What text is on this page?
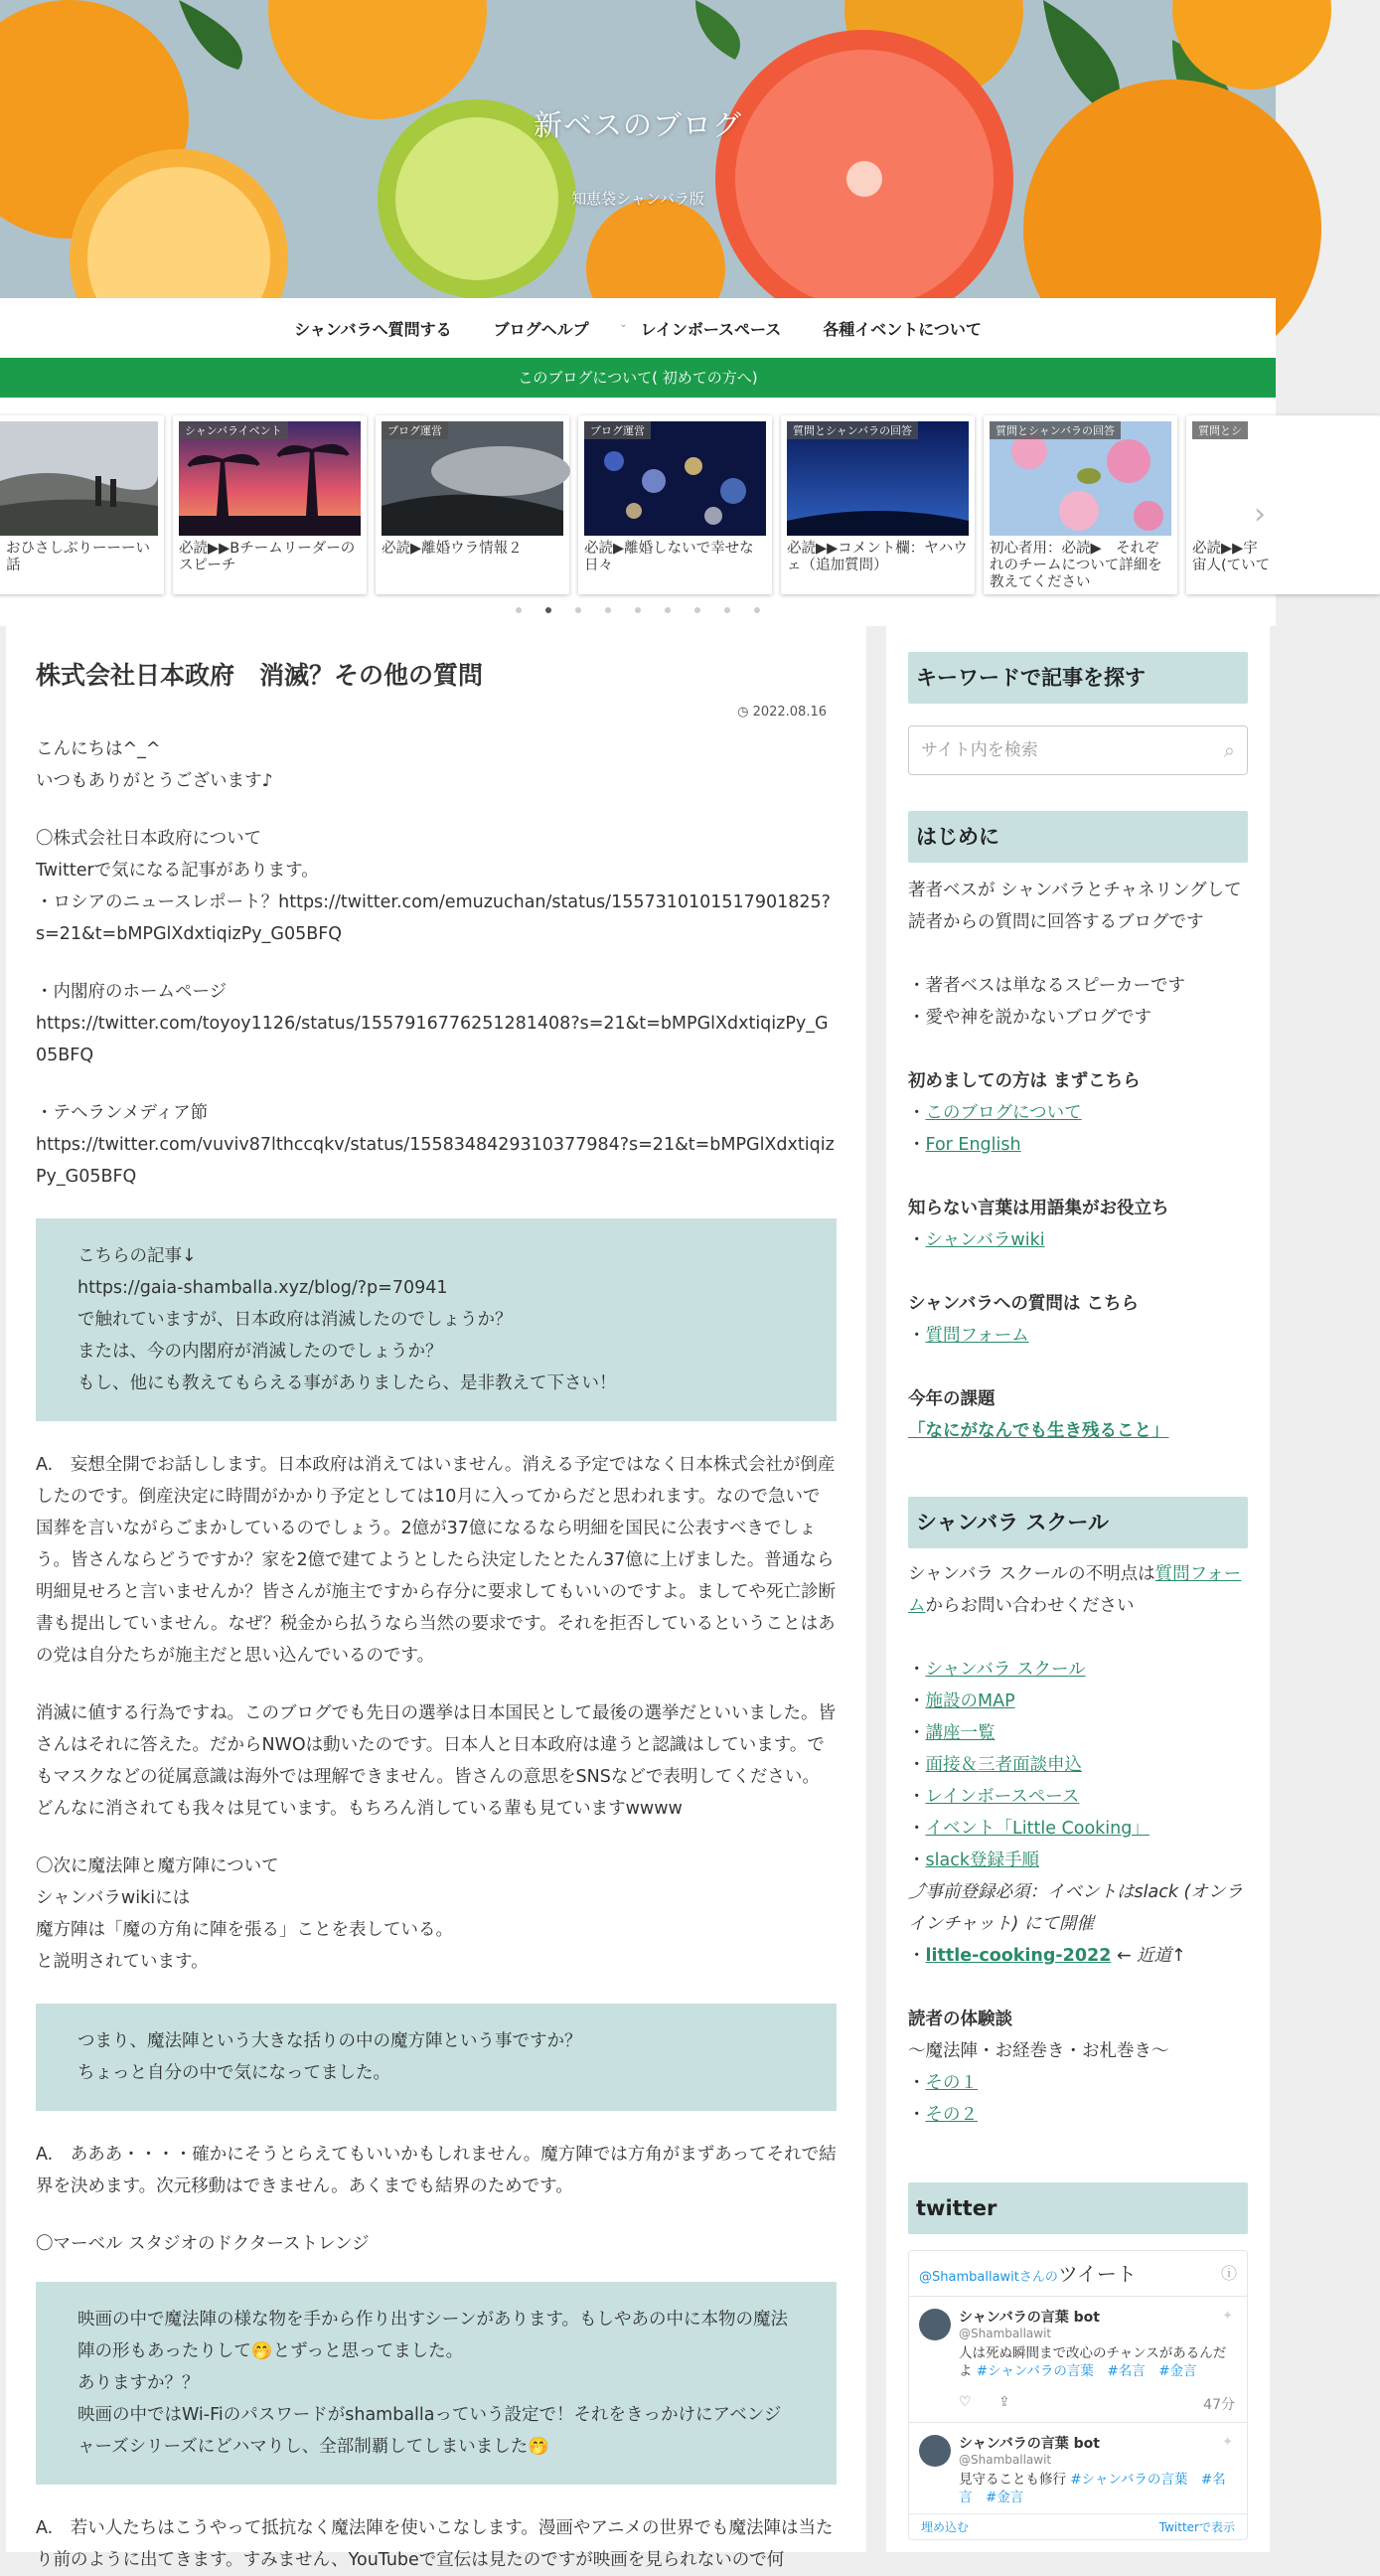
新ベスのブログ
知恵袋シャンバラ版
シャンバラへ質問する	ブログヘルプ	⌄ レインボースペース	各種イベントについて
このブログについて( 初めての方へ)
おひさしぶりーーーい話
シャンバライベント
必読▶▶Bチームリーダーのスピーチ
ブログ運営
必読▶離婚ウラ情報２
ブログ運営
必読▶離婚しないで幸せな日々
質問とシャンバラの回答
必読▶▶コメント欄：ヤハウェ（追加質問）
質問とシャンバラの回答
初心者用：必読▶　それぞれのチームについて詳細を教えてください
質問とシ
必読▶▶宇宙人(ていて
›
株式会社日本政府　消滅？その他の質問
◷ 2022.08.16

こんにちは^_^

いつもありがとうございます♪

〇株式会社日本政府について

Twitterで気になる記事があります。

・ロシアのニュースレポート？https://twitter.com/emuzuchan/status/1557310101517901825?s=21&t=bMPGlXdxtiqizPy_G05BFQ

・内閣府のホームページ

https://twitter.com/toyoy1126/status/1557916776251281408?s=21&t=bMPGlXdxtiqizPy_G05BFQ

・テヘランメディア節

https://twitter.com/vuviv87lthccqkv/status/1558348429310377984?s=21&t=bMPGlXdxtiqizPy_G05BFQ

こちらの記事↓
https://gaia-shamballa.xyz/blog/?p=70941
で触れていますが、日本政府は消滅したのでしょうか？
または、今の内閣府が消滅したのでしょうか？
もし、他にも教えてもらえる事がありましたら、是非教えて下さい！

A.　妄想全開でお話しします。日本政府は消えてはいません。消える予定ではなく日本株式会社が倒産したのです。倒産決定に時間がかかり予定としては10月に入ってからだと思われます。なので急いで国葬を言いながらごまかしているのでしょう。2億が37億になるなら明細を国民に公表すべきでしょう。皆さんならどうですか？家を2億で建てようとしたら決定したとたん37億に上げました。普通なら明細見せろと言いませんか？皆さんが施主ですから存分に要求してもいいのですよ。ましてや死亡診断書も提出していません。なぜ？税金から払うなら当然の要求です。それを拒否しているということはあの党は自分たちが施主だと思い込んでいるのです。

消滅に値する行為ですね。このブログでも先日の選挙は日本国民として最後の選挙だといいました。皆さんはそれに答えた。だからNWOは動いたのです。日本人と日本政府は違うと認識はしています。でもマスクなどの従属意識は海外では理解できません。皆さんの意思をSNSなどで表明してください。どんなに消されても我々は見ています。もちろん消している輩も見ていますwwww

〇次に魔法陣と魔方陣について

シャンバラwikiには

魔方陣は「魔の方角に陣を張る」ことを表している。

と説明されています。

つまり、魔法陣という大きな括りの中の魔方陣という事ですか？
ちょっと自分の中で気になってました。

A.　あああ・・・・確かにそうとらえてもいいかもしれません。魔方陣では方角がまずあってそれで結界を決めます。次元移動はできません。あくまでも結界のためです。

〇マーベル スタジオのドクターストレンジ

映画の中で魔法陣の様な物を手から作り出すシーンがあります。もしやあの中に本物の魔法陣の形もあったりして🤭とずっと思ってました。
ありますか？？
映画の中ではWi-Fiのパスワードがshamballaっていう設定で！それをきっかけにアベンジャーズシリーズにどハマりし、全部制覇してしまいました🤭

A.　若い人たちはこうやって抵抗なく魔法陣を使いこなします。漫画やアニメの世界でも魔法陣は当たり前のように出てきます。すみません、YouTubeで宣伝は見たのですが映画を見られないので何

キーワードで記事を探す
サイト内を検索	⌕
はじめに
著者ベスが シャンバラとチャネリングして 読者からの質問に回答するブログです
・著者ベスは単なるスピーカーです
・愛や神を説かないブログです
初めましての方は まずこちら
・このブログについて
・For English
知らない言葉は用語集がお役立ち
・シャンバラwiki
シャンバラへの質問は こちら
・質問フォーム
今年の課題
「なにがなんでも生き残ること」
シャンバラ スクール
シャンバラ スクールの不明点は質問フォームからお問い合わせください
・シャンバラ スクール
・施設のMAP
・講座一覧
・面接＆三者面談申込
・レインボースペース
・イベント「Little Cooking」
・slack登録手順
⤴︎事前登録必須：イベントはslack (オンラインチャット) にて開催
・little-cooking-2022 ← 近道↑
読者の体験談
〜魔法陣・お経巻き・お札巻き〜
・その１
・その２
twitter
@Shamballawitさんのツイート	ⓘ
✦
シャンバラの言葉 bot
@Shamballawit
人は死ぬ瞬間まで改心のチャンスがあるんだよ #シャンバラの言葉　#名言　#金言
♡ ⇪	47分
✦
シャンバラの言葉 bot
@Shamballawit
見守ることも修行 #シャンバラの言葉　#名言　#金言
埋め込む	Twitterで表示
